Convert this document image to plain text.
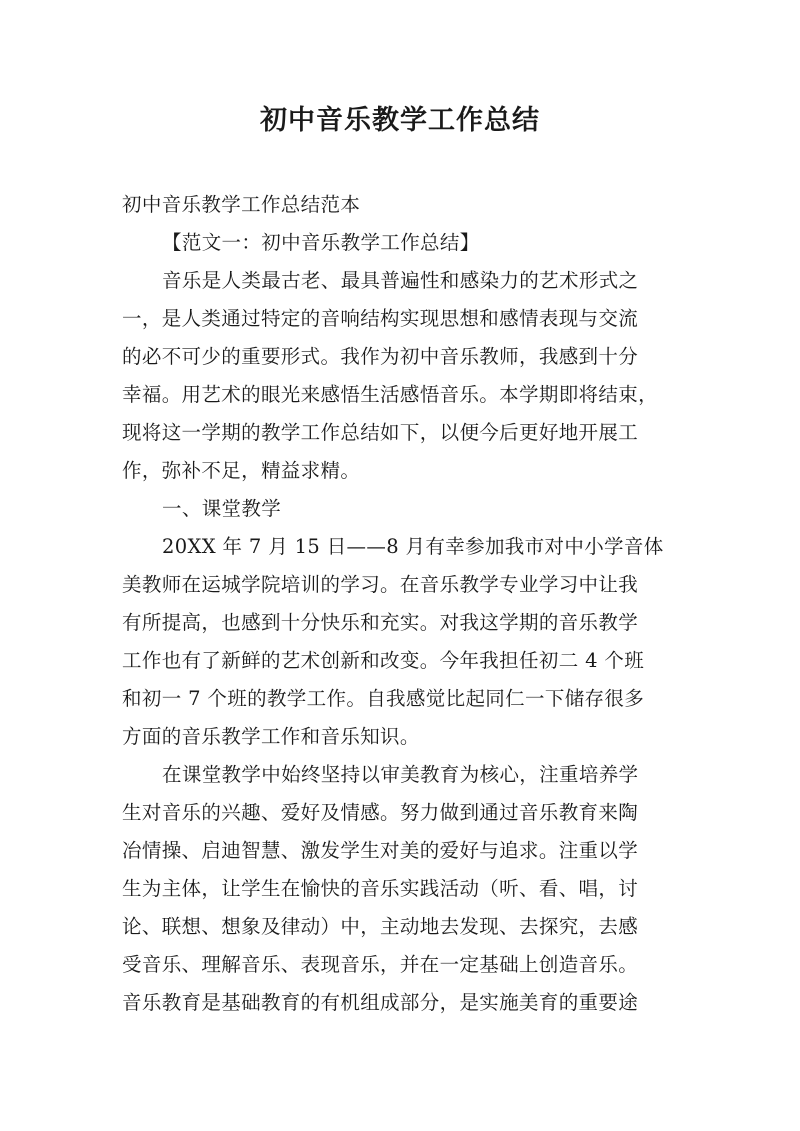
初中音乐教学工作总结
初中音乐教学工作总结范本
【范文一：初中音乐教学工作总结】
音乐是人类最古老、最具普遍性和感染力的艺术形式之
一，是人类通过特定的音响结构实现思想和感情表现与交流
的必不可少的重要形式。我作为初中音乐教师，我感到十分
幸福。用艺术的眼光来感悟生活感悟音乐。本学期即将结束，
现将这一学期的教学工作总结如下，以便今后更好地开展工
作，弥补不足，精益求精。
一、课堂教学
20XX 年 7 月 15 日——8 月有幸参加我市对中小学音体
美教师在运城学院培训的学习。在音乐教学专业学习中让我
有所提高，也感到十分快乐和充实。对我这学期的音乐教学
工作也有了新鲜的艺术创新和改变。今年我担任初二 4 个班
和初一 7 个班的教学工作。自我感觉比起同仁一下储存很多
方面的音乐教学工作和音乐知识。
在课堂教学中始终坚持以审美教育为核心，注重培养学
生对音乐的兴趣、爱好及情感。努力做到通过音乐教育来陶
冶情操、启迪智慧、激发学生对美的爱好与追求。注重以学
生为主体，让学生在愉快的音乐实践活动（听、看、唱，讨
论、联想、想象及律动）中，主动地去发现、去探究，去感
受音乐、理解音乐、表现音乐，并在一定基础上创造音乐。
音乐教育是基础教育的有机组成部分，是实施美育的重要途
